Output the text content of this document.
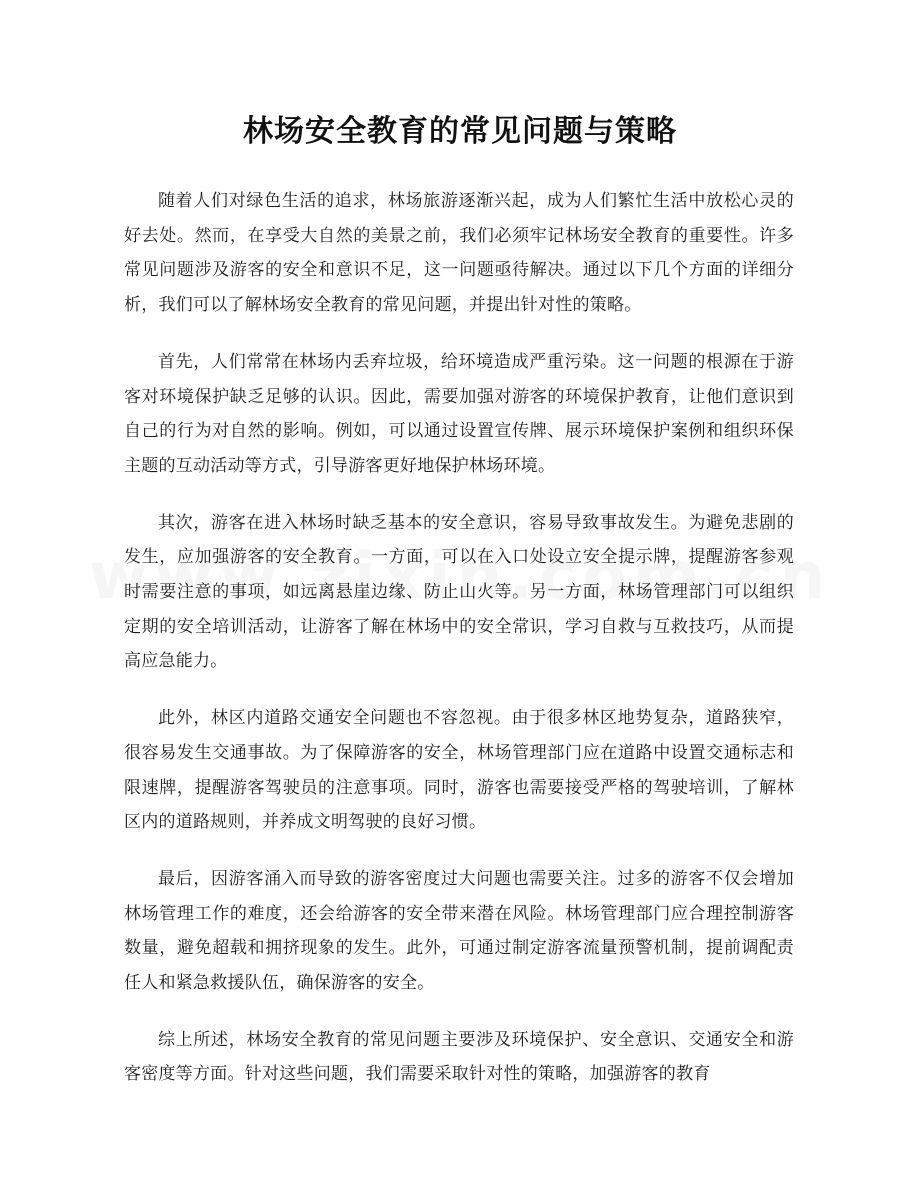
林场安全教育的常见问题与策略

随着人们对绿色生活的追求，林场旅游逐渐兴起，成为人们繁忙生活中放松心灵的好去处。然而，在享受大自然的美景之前，我们必须牢记林场安全教育的重要性。许多常见问题涉及游客的安全和意识不足，这一问题亟待解决。通过以下几个方面的详细分析，我们可以了解林场安全教育的常见问题，并提出针对性的策略。

首先，人们常常在林场内丢弃垃圾，给环境造成严重污染。这一问题的根源在于游客对环境保护缺乏足够的认识。因此，需要加强对游客的环境保护教育，让他们意识到自己的行为对自然的影响。例如，可以通过设置宣传牌、展示环境保护案例和组织环保主题的互动活动等方式，引导游客更好地保护林场环境。

其次，游客在进入林场时缺乏基本的安全意识，容易导致事故发生。为避免悲剧的发生，应加强游客的安全教育。一方面，可以在入口处设立安全提示牌，提醒游客参观时需要注意的事项，如远离悬崖边缘、防止山火等。另一方面，林场管理部门可以组织定期的安全培训活动，让游客了解在林场中的安全常识，学习自救与互救技巧，从而提高应急能力。

此外，林区内道路交通安全问题也不容忽视。由于很多林区地势复杂，道路狭窄，很容易发生交通事故。为了保障游客的安全，林场管理部门应在道路中设置交通标志和限速牌，提醒游客驾驶员的注意事项。同时，游客也需要接受严格的驾驶培训，了解林区内的道路规则，并养成文明驾驶的良好习惯。

最后，因游客涌入而导致的游客密度过大问题也需要关注。过多的游客不仅会增加林场管理工作的难度，还会给游客的安全带来潜在风险。林场管理部门应合理控制游客数量，避免超载和拥挤现象的发生。此外，可通过制定游客流量预警机制，提前调配责任人和紧急救援队伍，确保游客的安全。

综上所述，林场安全教育的常见问题主要涉及环境保护、安全意识、交通安全和游客密度等方面。针对这些问题，我们需要采取针对性的策略，加强游客的教育
